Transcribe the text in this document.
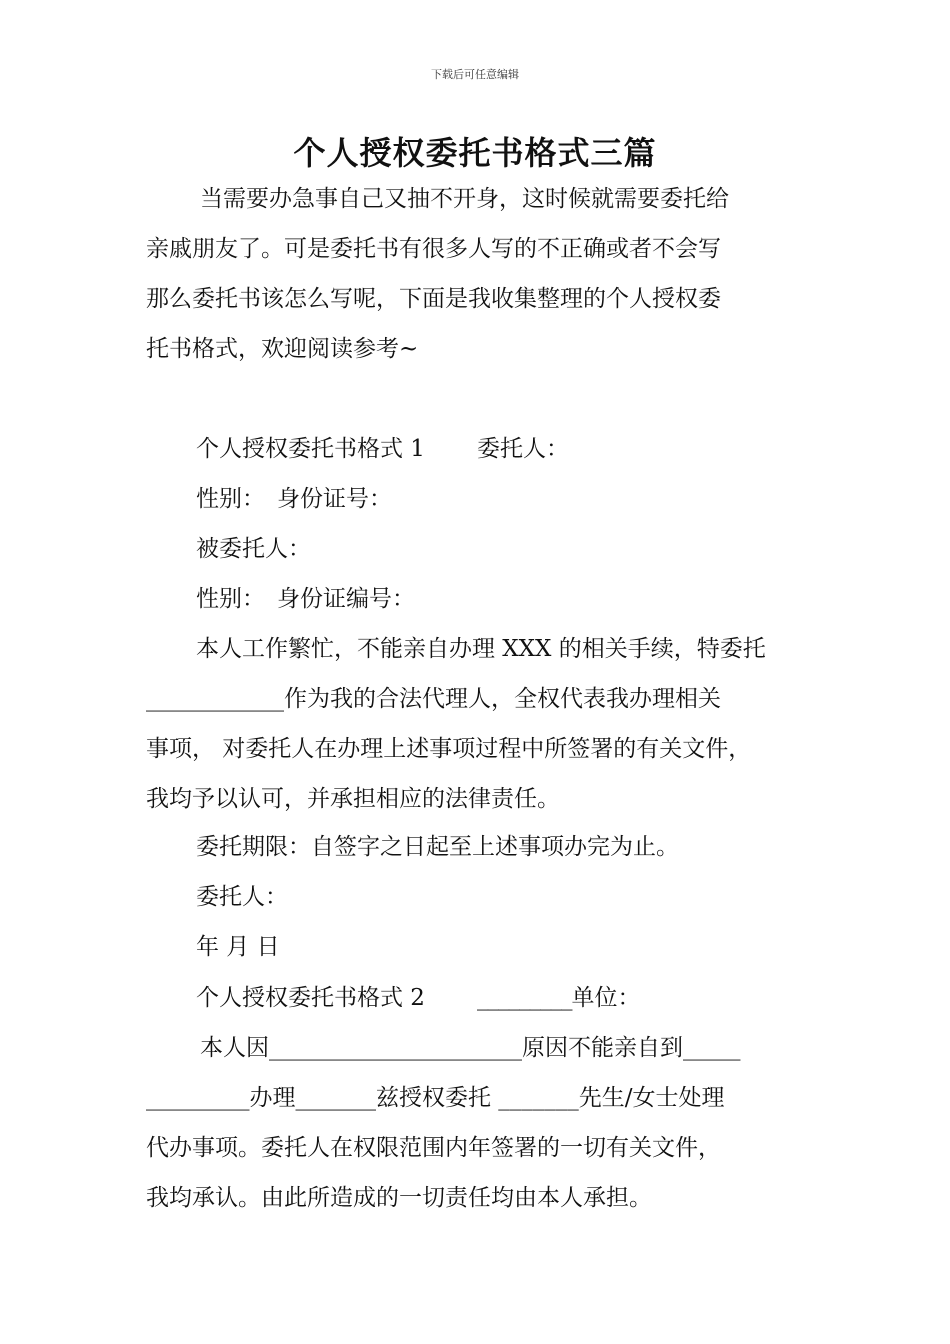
下载后可任意编辑
个人授权委托书格式三篇
当需要办急事自己又抽不开身，这时候就需要委托给
亲戚朋友了。可是委托书有很多人写的不正确或者不会写
那么委托书该怎么写呢，下面是我收集整理的个人授权委
托书格式，欢迎阅读参考~
个人授权委托书格式 1 委托人：
性别： 身份证号：
被委托人：
性别： 身份证编号：
本人工作繁忙，不能亲自办理 XXX 的相关手续，特委托
____________作为我的合法代理人，全权代表我办理相关
事项， 对委托人在办理上述事项过程中所签署的有关文件，
我均予以认可，并承担相应的法律责任。
委托期限：自签字之日起至上述事项办完为止。
委托人：
年 月 日
个人授权委托书格式 2 _________单位：
本人因______________________原因不能亲自到_____
_________办理_______兹授权委托 _______先生/女士处理
代办事项。委托人在权限范围内年签署的一切有关文件，
我均承认。由此所造成的一切责任均由本人承担。
